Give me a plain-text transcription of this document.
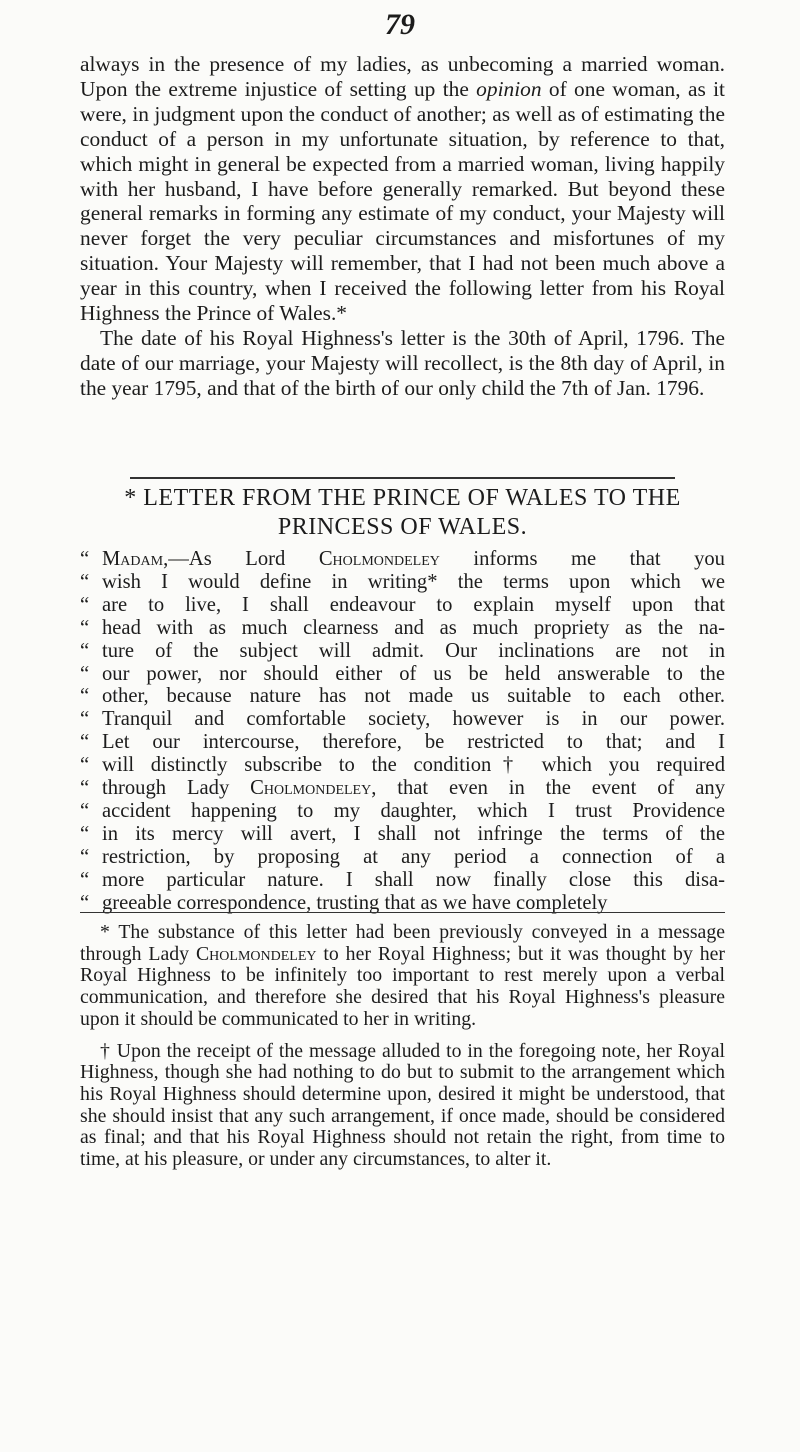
79

always in the presence of my ladies, as unbecoming a married woman. Upon the extreme injustice of setting up the opinion of one woman, as it were, in judgment upon the conduct of another; as well as of estimating the conduct of a person in my unfortunate situation, by reference to that, which might in general be expected from a married woman, living happily with her husband, I have before generally remarked. But beyond these general remarks in forming any estimate of my conduct, your Majesty will never forget the very peculiar circumstances and misfortunes of my situation. Your Majesty will remember, that I had not been much above a year in this country, when I received the following letter from his Royal Highness the Prince of Wales.*

The date of his Royal Highness's letter is the 30th of April, 1796. The date of our marriage, your Majesty will recollect, is the 8th day of April, in the year 1795, and that of the birth of our only child the 7th of Jan. 1796.

* LETTER FROM THE PRINCE OF WALES TO THE

PRINCESS OF WALES.

“ Madam,—As Lord Cholmondeley informs me that you
“ wish I would define in writing* the terms upon which we
“ are to live, I shall endeavour to explain myself upon that
“ head with as much clearness and as much propriety as the na-
“ ture of the subject will admit. Our inclinations are not in
“ our power, nor should either of us be held answerable to the
“ other, because nature has not made us suitable to each other.
“ Tranquil and comfortable society, however is in our power.
“ Let our intercourse, therefore, be restricted to that; and I
“ will distinctly subscribe to the condition† which you required
“ through Lady Cholmondeley, that even in the event of any
“ accident happening to my daughter, which I trust Providence
“ in its mercy will avert, I shall not infringe the terms of the
“ restriction, by proposing at any period a connection of a
“ more particular nature. I shall now finally close this disa-
“ greeable correspondence, trusting that as we have completely

* The substance of this letter had been previously conveyed in a message through Lady Cholmondeley to her Royal Highness; but it was thought by her Royal Highness to be infinitely too important to rest merely upon a verbal communication, and therefore she desired that his Royal Highness's pleasure upon it should be communicated to her in writing.

† Upon the receipt of the message alluded to in the foregoing note, her Royal Highness, though she had nothing to do but to submit to the arrangement which his Royal Highness should determine upon, desired it might be understood, that she should insist that any such arrangement, if once made, should be considered as final; and that his Royal Highness should not retain the right, from time to time, at his pleasure, or under any circumstances, to alter it.
